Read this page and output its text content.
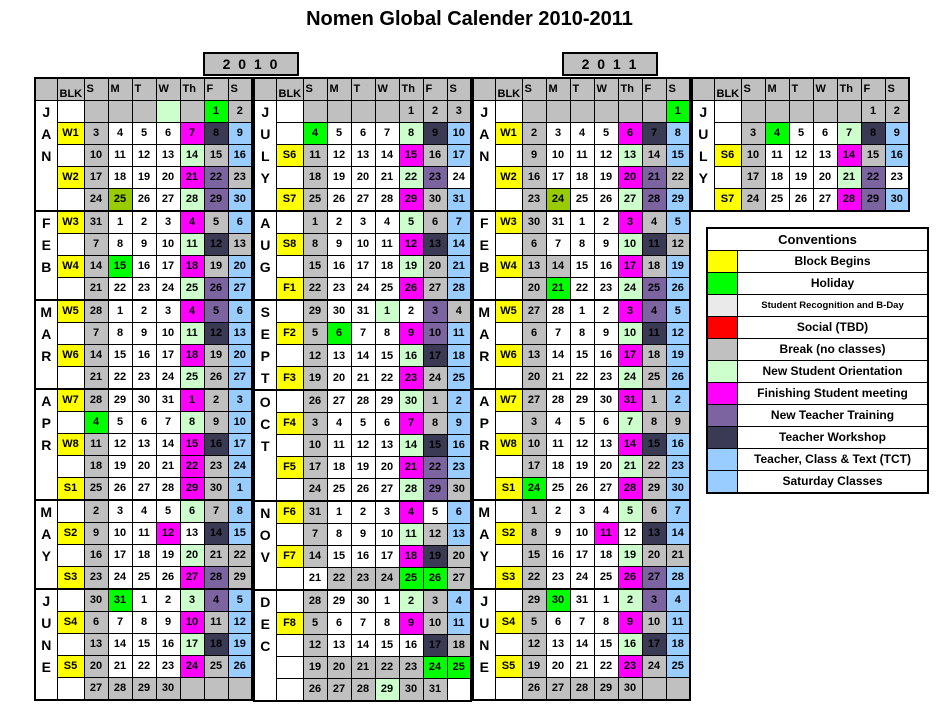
Nomen Global Calender 2010-2011
2 0 1 0	2 0 1 1
	BLK	S	M	T	W	Th	F	S

J
A
N							1	2
	W1	3	4	5	6	7	8	9
		10	11	12	13	14	15	16
	W2	17	18	19	20	21	22	23
		24	25	26	27	28	29	30

F
E
B	W3	31	1	2	3	4	5	6
		7	8	9	10	11	12	13
	W4	14	15	16	17	18	19	20
		21	22	23	24	25	26	27

M
A
R	W5	28	1	2	3	4	5	6
		7	8	9	10	11	12	13
	W6	14	15	16	17	18	19	20
		21	22	23	24	25	26	27

A
P
R	W7	28	29	30	31	1	2	3
		4	5	6	7	8	9	10
	W8	11	12	13	14	15	16	17
		18	19	20	21	22	23	24
	S1	25	26	27	28	29	30	1

M
A
Y		2	3	4	5	6	7	8
	S2	9	10	11	12	13	14	15
		16	17	18	19	20	21	22
	S3	23	24	25	26	27	28	29

J
U
N
E		30	31	1	2	3	4	5
	S4	6	7	8	9	10	11	12
		13	14	15	16	17	18	19
	S5	20	21	22	23	24	25	26
		27	28	29	30			
	BLK	S	M	T	W	Th	F	S

J
U
L
Y						1	2	3
		4	5	6	7	8	9	10
	S6	11	12	13	14	15	16	17
		18	19	20	21	22	23	24
	S7	25	26	27	28	29	30	31

A
U
G		1	2	3	4	5	6	7
	S8	8	9	10	11	12	13	14
		15	16	17	18	19	20	21
	F1	22	23	24	25	26	27	28

S
E
P
T		29	30	31	1	2	3	4
	F2	5	6	7	8	9	10	11
		12	13	14	15	16	17	18
	F3	19	20	21	22	23	24	25

O
C
T		26	27	28	29	30	1	2
	F4	3	4	5	6	7	8	9
		10	11	12	13	14	15	16
	F5	17	18	19	20	21	22	23
		24	25	26	27	28	29	30

N
O
V	F6	31	1	2	3	4	5	6
		7	8	9	10	11	12	13
	F7	14	15	16	17	18	19	20
		21	22	23	24	25	26	27

D
E
C		28	29	30	1	2	3	4
	F8	5	6	7	8	9	10	11
		12	13	14	15	16	17	18
		19	20	21	22	23	24	25
		26	27	28	29	30	31	
	BLK	S	M	T	W	Th	F	S

J
A
N								1
	W1	2	3	4	5	6	7	8
		9	10	11	12	13	14	15
	W2	16	17	18	19	20	21	22
		23	24	25	26	27	28	29

F
E
B	W3	30	31	1	2	3	4	5
		6	7	8	9	10	11	12
	W4	13	14	15	16	17	18	19
		20	21	22	23	24	25	26

M
A
R	W5	27	28	1	2	3	4	5
		6	7	8	9	10	11	12
	W6	13	14	15	16	17	18	19
		20	21	22	23	24	25	26

A
P
R	W7	27	28	29	30	31	1	2
		3	4	5	6	7	8	9
	W8	10	11	12	13	14	15	16
		17	18	19	20	21	22	23
	S1	24	25	26	27	28	29	30

M
A
Y		1	2	3	4	5	6	7
	S2	8	9	10	11	12	13	14
		15	16	17	18	19	20	21
	S3	22	23	24	25	26	27	28

J
U
N
E		29	30	31	1	2	3	4
	S4	5	6	7	8	9	10	11
		12	13	14	15	16	17	18
	S5	19	20	21	22	23	24	25
		26	27	28	29	30		
	BLK	S	M	T	W	Th	F	S

J
U
L
Y							1	2
		3	4	5	6	7	8	9
	S6	10	11	12	13	14	15	16
		17	18	19	20	21	22	23
	S7	24	25	26	27	28	29	30
Conventions
Block Begins
Holiday
Student Recognition and B-Day
Social (TBD)
Break (no classes)
New Student Orientation
Finishing Student meeting
New Teacher Training
Teacher Workshop
Teacher, Class & Text (TCT)
Saturday Classes
